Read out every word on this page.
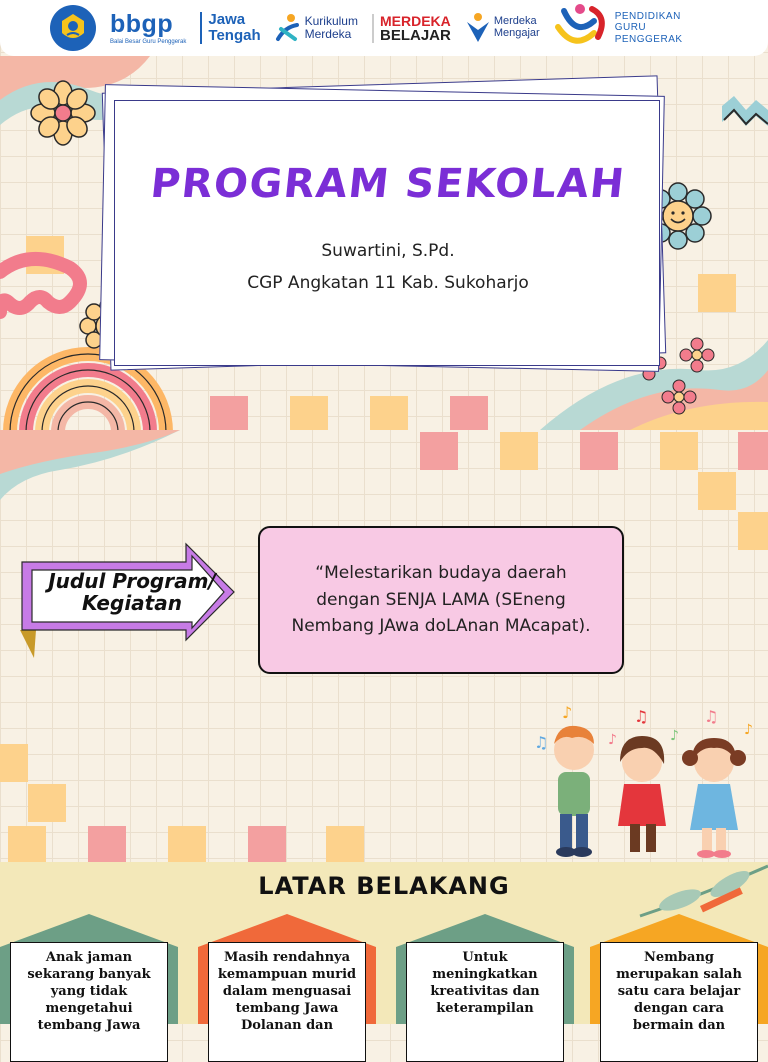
bbgp
Balai Besar Guru Penggerak
Jawa
Tengah
Kurikulum
Merdeka
MERDEKA
BELAJAR
Merdeka
Mengajar
PENDIDIKAN
GURU
PENGGERAK
PROGRAM SEKOLAH
Suwartini, S.Pd.
CGP Angkatan 11 Kab. Sukoharjo
Judul Program/
Kegiatan
“Melestarikan budaya daerah dengan SENJA LAMA (SEneng Nembang JAwa doLAnan MAcapat).
♪
♫
♫
♪
♫
♪
♪
LATAR BELAKANG
Anak jaman sekarang banyak yang tidak mengetahui tembang Jawa
Masih rendahnya kemampuan murid dalam menguasai tembang Jawa Dolanan dan
Untuk meningkatkan kreativitas dan keterampilan
Nembang merupakan salah satu cara belajar dengan cara bermain dan
